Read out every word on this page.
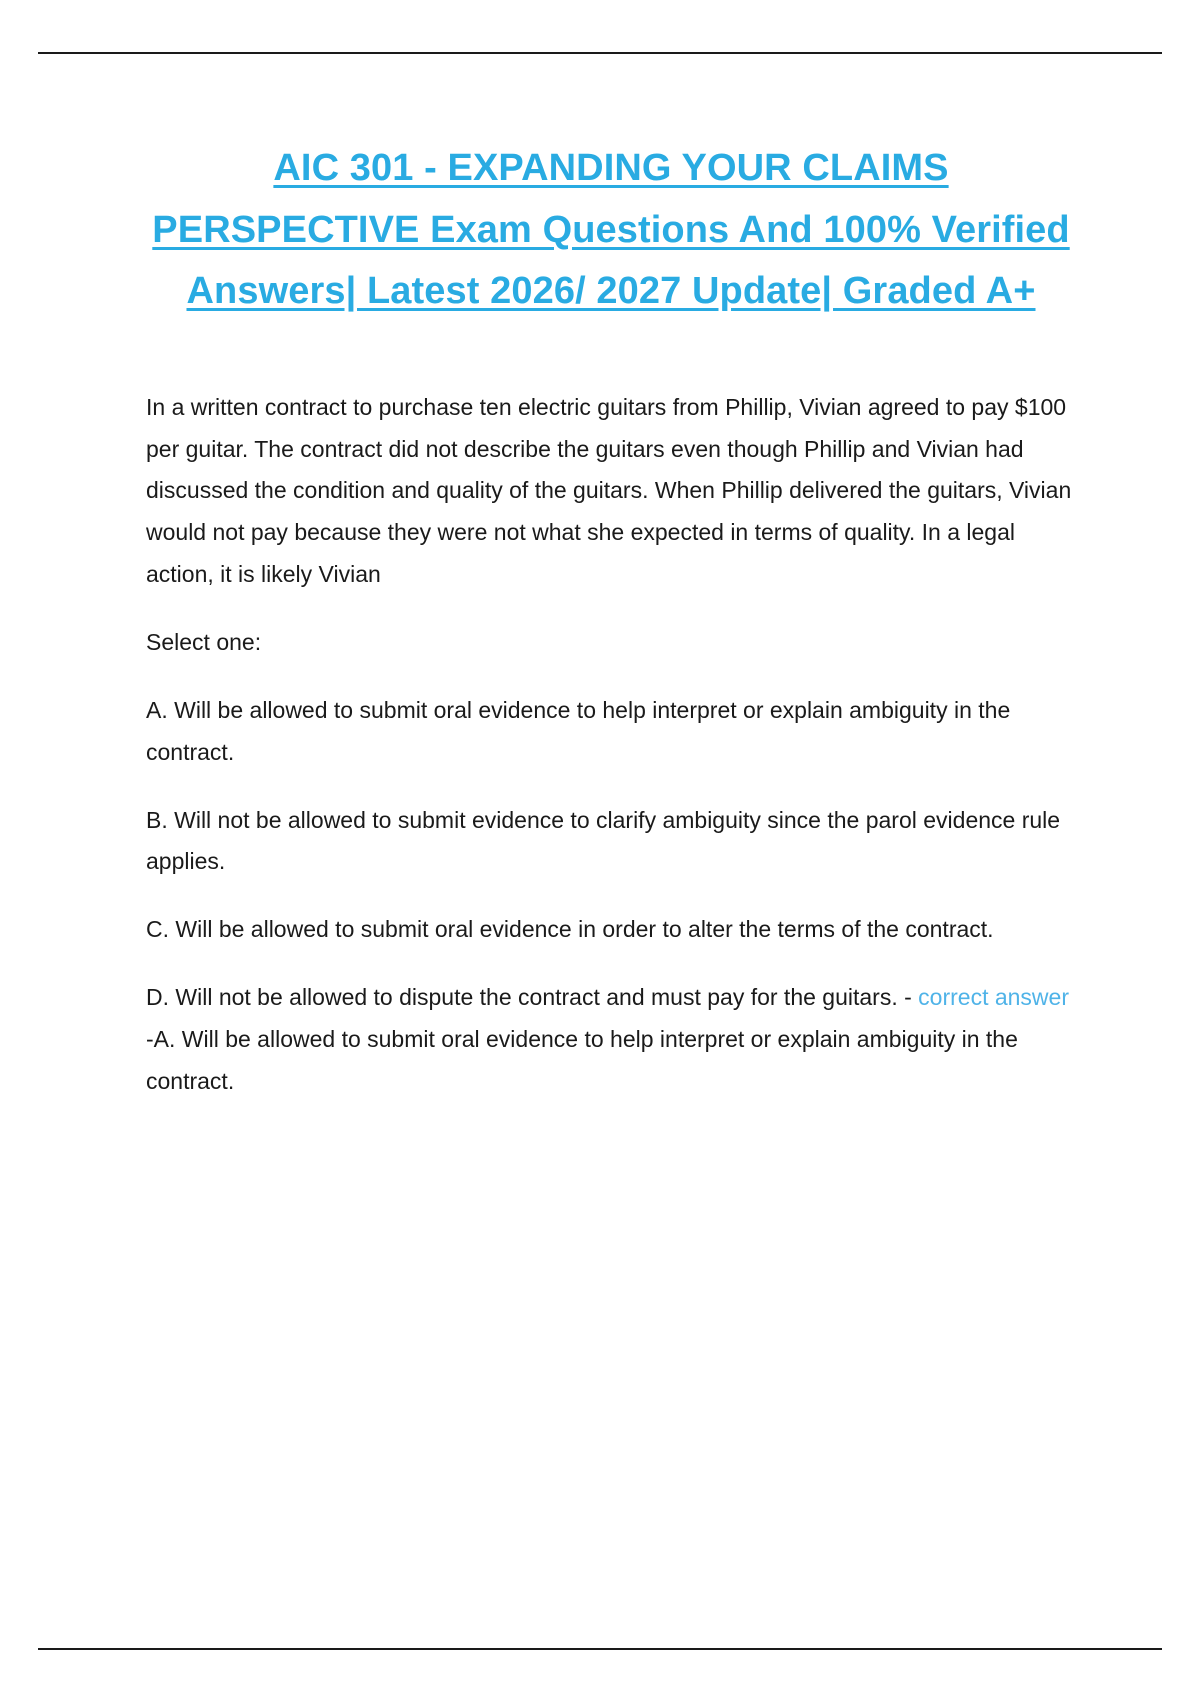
AIC 301 - EXPANDING YOUR CLAIMS PERSPECTIVE Exam Questions And 100% Verified Answers| Latest 2026/ 2027 Update| Graded A+

In a written contract to purchase ten electric guitars from Phillip, Vivian agreed to pay $100 per guitar. The contract did not describe the guitars even though Phillip and Vivian had discussed the condition and quality of the guitars. When Phillip delivered the guitars, Vivian would not pay because they were not what she expected in terms of quality. In a legal action, it is likely Vivian

Select one:

A. Will be allowed to submit oral evidence to help interpret or explain ambiguity in the contract.

B. Will not be allowed to submit evidence to clarify ambiguity since the parol evidence rule applies.

C. Will be allowed to submit oral evidence in order to alter the terms of the contract.

D. Will not be allowed to dispute the contract and must pay for the guitars. - correct answer -A. Will be allowed to submit oral evidence to help interpret or explain ambiguity in the contract.
